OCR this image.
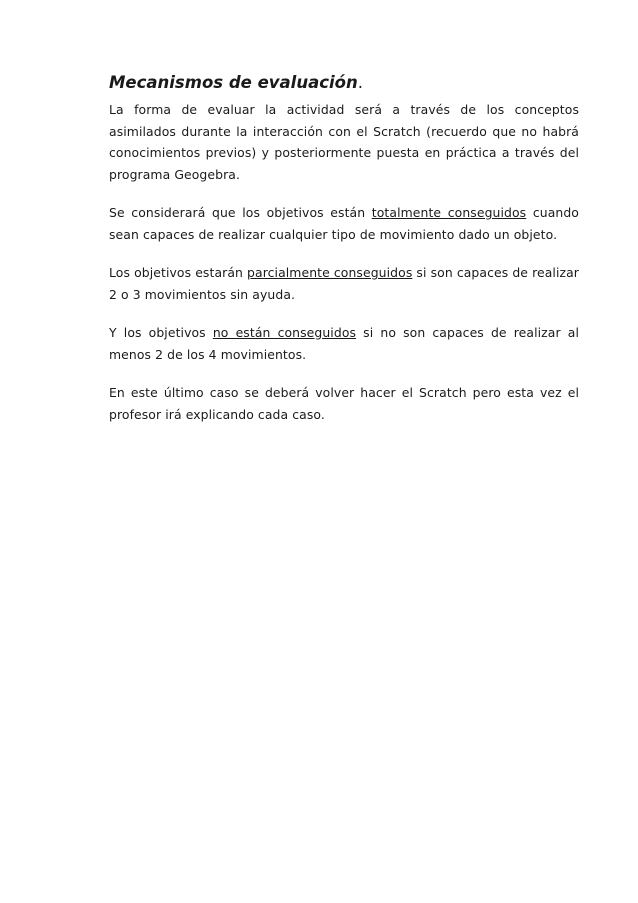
Mecanismos de evaluación.

La forma de evaluar la actividad será a través de los conceptos asimilados durante la interacción con el Scratch (recuerdo que no habrá conocimientos previos) y posteriormente puesta en práctica a través del programa Geogebra.

Se considerará que los objetivos están totalmente conseguidos cuando sean capaces de realizar cualquier tipo de movimiento dado un objeto.

Los objetivos estarán parcialmente conseguidos si son capaces de realizar 2 o 3 movimientos sin ayuda.

Y los objetivos no están conseguidos si no son capaces de realizar al menos 2 de los 4 movimientos.

En este último caso se deberá volver hacer el Scratch pero esta vez el profesor irá explicando cada caso.
